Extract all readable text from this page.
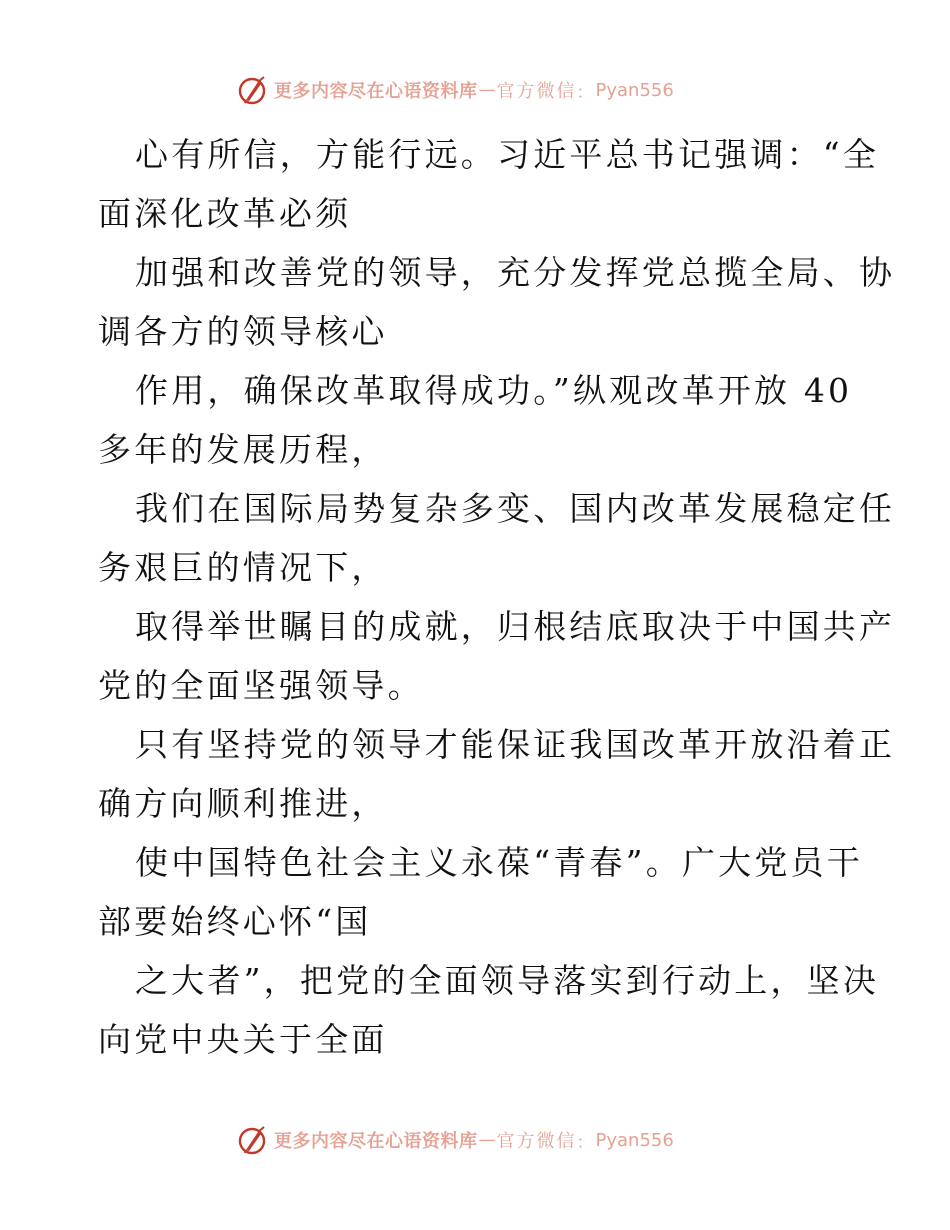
更多内容尽在心语资料库 — 官方微信 ： Pyan556
心有所信，方能行远。习近平总书记强调：“全
面深化改革必须
加强和改善党的领导，充分发挥党总揽全局、协
调各方的领导核心
作用，确保改革取得成功。”纵观改革开放 40
多年的发展历程，
我们在国际局势复杂多变、国内改革发展稳定任
务艰巨的情况下，
取得举世瞩目的成就，归根结底取决于中国共产
党的全面坚强领导。
只有坚持党的领导才能保证我国改革开放沿着正
确方向顺利推进，
使中国特色社会主义永葆“青春”。广大党员干
部要始终心怀“国
之大者”，把党的全面领导落实到行动上，坚决
向党中央关于全面
更多内容尽在心语资料库 — 官方微信 ： Pyan556
